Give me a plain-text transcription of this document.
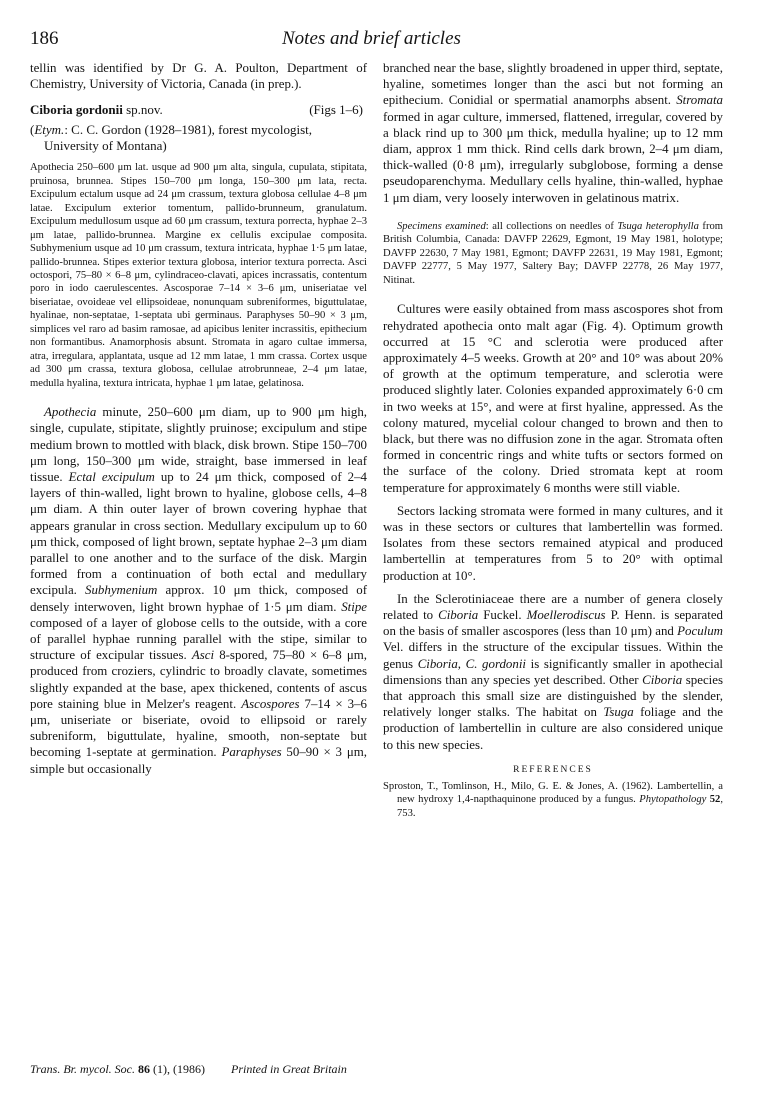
186	Notes and brief articles

tellin was identified by Dr G. A. Poulton, Department of Chemistry, University of Victoria, Canada (in prep.).

Ciboria gordonii sp.nov.	(Figs 1–6)

(Etym.: C. C. Gordon (1928–1981), forest mycologist, University of Montana)

Apothecia 250–600 μm lat. usque ad 900 μm alta, singula, cupulata, stipitata, pruinosa, brunnea. Stipes 150–700 μm longa, 150–300 μm lata, recta. Excipulum ectalum usque ad 24 μm crassum, textura globosa cellulae 4–8 μm latae. Excipulum exterior tomentum, pallido-brunneum, granulatum. Excipulum medullosum usque ad 60 μm crassum, textura porrecta, hyphae 2–3 μm latae, pallido-brunnea. Margine ex cellulis excipulae composita. Subhymenium usque ad 10 μm crassum, textura intricata, hyphae 1·5 μm latae, pallido-brunnea. Stipes exterior textura globosa, interior textura porrecta. Asci octospori, 75–80 × 6–8 μm, cylindraceo-clavati, apices incrassatis, contentum poro in iodo caerulescentes. Ascosporae 7–14 × 3–6 μm, uniseriatae vel biseriatae, ovoideae vel ellipsoideae, nonunquam subreniformes, biguttulatae, hyalinae, non-septatae, 1-septata ubi germinaus. Paraphyses 50–90 × 3 μm, simplices vel raro ad basim ramosae, ad apicibus leniter incrassitis, epithecium non formantibus. Anamorphosis absunt. Stromata in agaro cultae immersa, atra, irregulara, applantata, usque ad 12 mm latae, 1 mm crassa. Cortex usque ad 300 μm crassa, textura globosa, cellulae atrobrunneae, 2–4 μm latae, medulla hyalina, textura intricata, hyphae 1 μm latae, gelatinosa.

Apothecia minute, 250–600 μm diam, up to 900 μm high, single, cupulate, stipitate, slightly pruinose; excipulum and stipe medium brown to mottled with black, disk brown. Stipe 150–700 μm long, 150–300 μm wide, straight, base immersed in leaf tissue. Ectal excipulum up to 24 μm thick, composed of 2–4 layers of thin-walled, light brown to hyaline, globose cells, 4–8 μm diam. A thin outer layer of brown covering hyphae that appears granular in cross section. Medullary excipulum up to 60 μm thick, composed of light brown, septate hyphae 2–3 μm diam parallel to one another and to the surface of the disk. Margin formed from a continuation of both ectal and medullary excipula. Subhymenium approx. 10 μm thick, composed of densely interwoven, light brown hyphae of 1·5 μm diam. Stipe composed of a layer of globose cells to the outside, with a core of parallel hyphae running parallel with the stipe, similar to structure of excipular tissues. Asci 8-spored, 75–80 × 6–8 μm, produced from croziers, cylindric to broadly clavate, sometimes slightly expanded at the base, apex thickened, contents of ascus pore staining blue in Melzer's reagent. Ascospores 7–14 × 3–6 μm, uniseriate or biseriate, ovoid to ellipsoid or rarely subreniform, biguttulate, hyaline, smooth, non-septate but becoming 1-septate at germination. Paraphyses 50–90 × 3 μm, simple but occasionally

branched near the base, slightly broadened in upper third, septate, hyaline, sometimes longer than the asci but not forming an epithecium. Conidial or spermatial anamorphs absent. Stromata formed in agar culture, immersed, flattened, irregular, covered by a black rind up to 300 μm thick, medulla hyaline; up to 12 mm diam, approx 1 mm thick. Rind cells dark brown, 2–4 μm diam, thick-walled (0·8 μm), irregularly subglobose, forming a dense pseudoparenchyma. Medullary cells hyaline, thin-walled, hyphae 1 μm diam, very loosely interwoven in gelatinous matrix.

Specimens examined: all collections on needles of Tsuga heterophylla from British Columbia, Canada: DAVFP 22629, Egmont, 19 May 1981, holotype; DAVFP 22630, 7 May 1981, Egmont; DAVFP 22631, 19 May 1981, Egmont; DAVFP 22777, 5 May 1977, Saltery Bay; DAVFP 22778, 26 May 1977, Nitinat.

Cultures were easily obtained from mass ascospores shot from rehydrated apothecia onto malt agar (Fig. 4). Optimum growth occurred at 15 °C and sclerotia were produced after approximately 4–5 weeks. Growth at 20° and 10° was about 20% of growth at the optimum temperature, and sclerotia were produced slightly later. Colonies expanded approximately 6·0 cm in two weeks at 15°, and were at first hyaline, appressed. As the colony matured, mycelial colour changed to brown and then to black, but there was no diffusion zone in the agar. Stromata often formed in concentric rings and white tufts or sectors formed on the surface of the colony. Dried stromata kept at room temperature for approximately 6 months were still viable.

Sectors lacking stromata were formed in many cultures, and it was in these sectors or cultures that lambertellin was formed. Isolates from these sectors remained atypical and produced lambertellin at temperatures from 5 to 20° with optimal production at 10°.

In the Sclerotiniaceae there are a number of genera closely related to Ciboria Fuckel. Moellerodiscus P. Henn. is separated on the basis of smaller ascospores (less than 10 μm) and Poculum Vel. differs in the structure of the excipular tissues. Within the genus Ciboria, C. gordonii is significantly smaller in apothecial dimensions than any species yet described. Other Ciboria species that approach this small size are distinguished by the slender, relatively longer stalks. The habitat on Tsuga foliage and the production of lambertellin in culture are also considered unique to this new species.

REFERENCES

Sproston, T., Tomlinson, H., Milo, G. E. & Jones, A. (1962). Lambertellin, a new hydroxy 1,4-napthaquinone produced by a fungus. Phytopathology 52, 753.

Trans. Br. mycol. Soc. 86 (1), (1986) Printed in Great Britain
